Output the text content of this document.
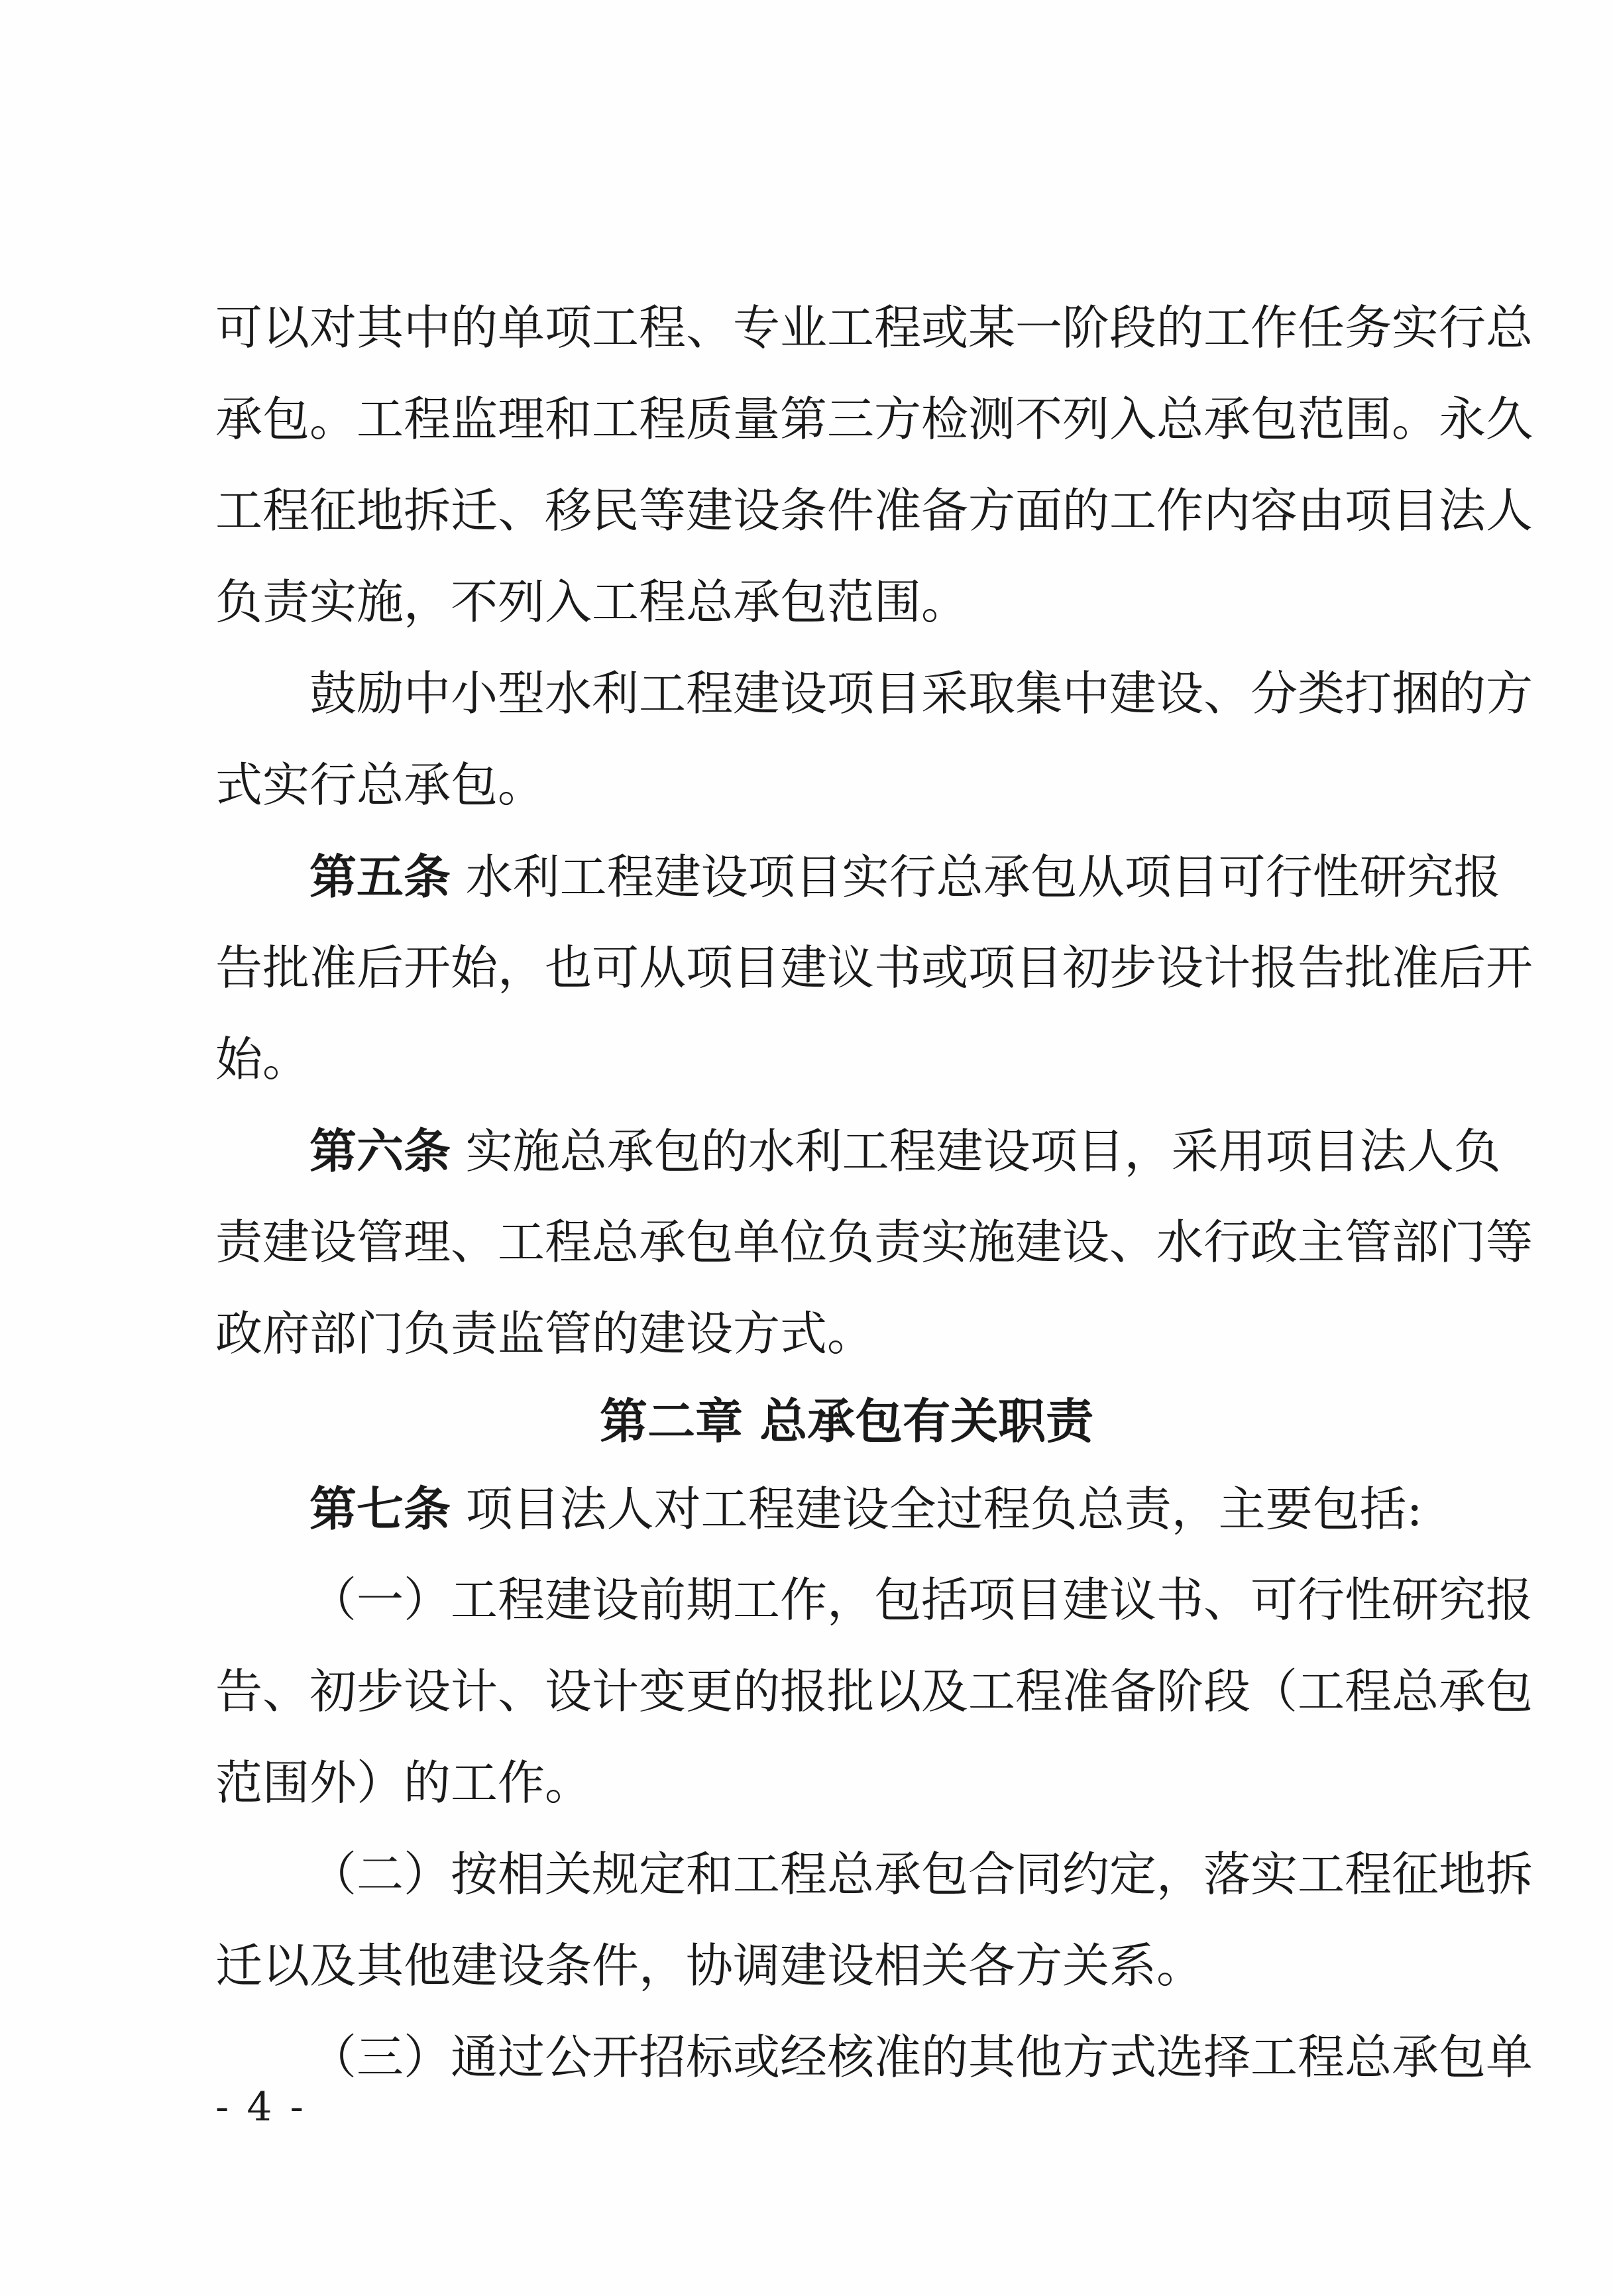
可以对其中的单项工程、专业工程或某一阶段的工作任务实行总
承包。工程监理和工程质量第三方检测不列入总承包范围。永久
工程征地拆迁、移民等建设条件准备方面的工作内容由项目法人
负责实施，不列入工程总承包范围。
鼓励中小型水利工程建设项目采取集中建设、分类打捆的方
式实行总承包。
第五条 水利工程建设项目实行总承包从项目可行性研究报
告批准后开始，也可从项目建议书或项目初步设计报告批准后开
始。
第六条 实施总承包的水利工程建设项目，采用项目法人负
责建设管理、工程总承包单位负责实施建设、水行政主管部门等
政府部门负责监管的建设方式。
第二章 总承包有关职责
第七条 项目法人对工程建设全过程负总责，主要包括:
（一）工程建设前期工作，包括项目建议书、可行性研究报
告、初步设计、设计变更的报批以及工程准备阶段（工程总承包
范围外）的工作。
（二）按相关规定和工程总承包合同约定，落实工程征地拆
迁以及其他建设条件，协调建设相关各方关系。
（三）通过公开招标或经核准的其他方式选择工程总承包单
- 4 -
